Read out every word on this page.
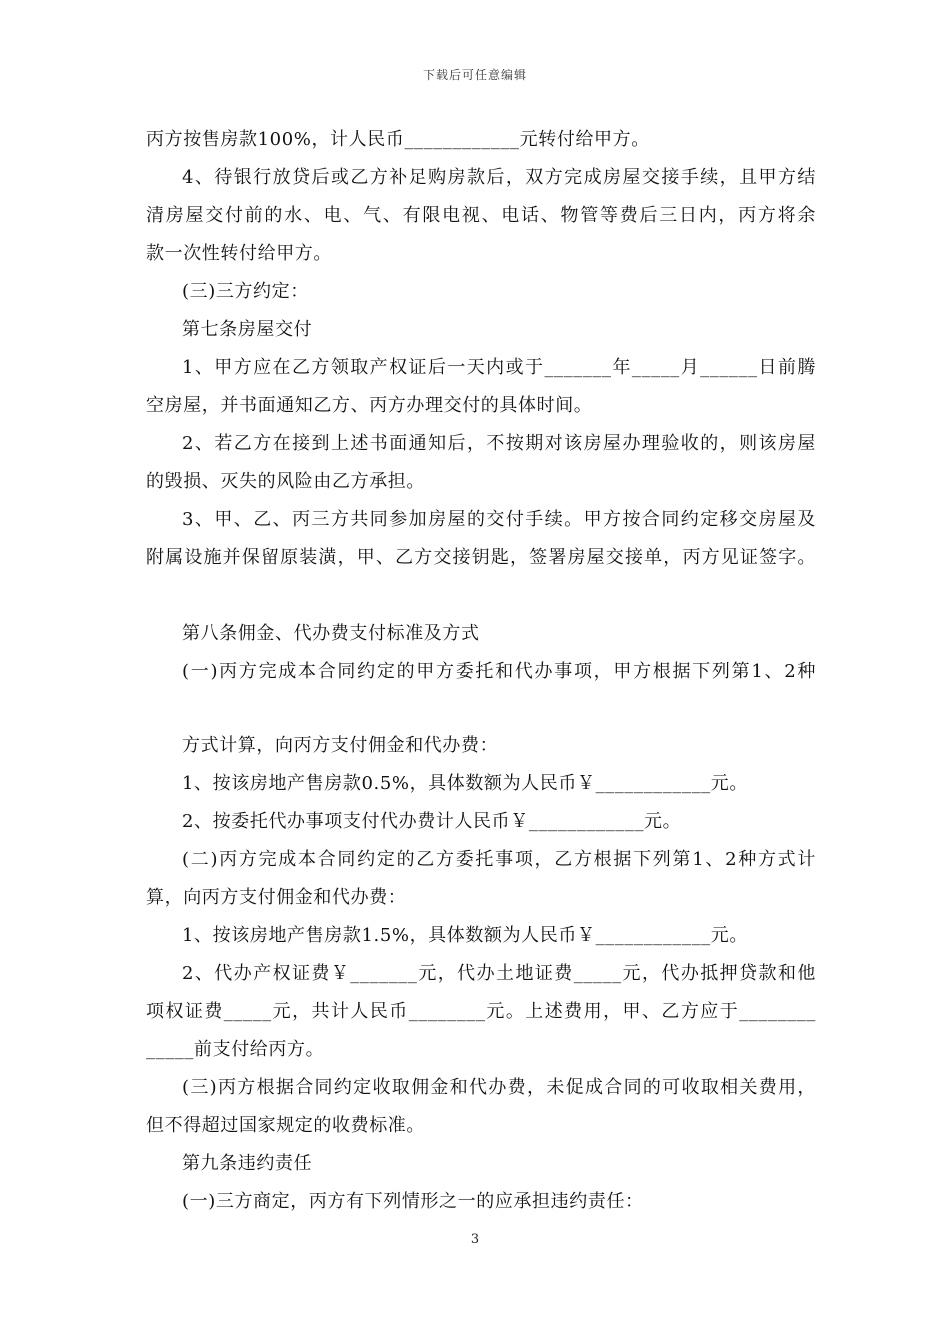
下载后可任意编辑
丙方按售房款100%，计人民币____________元转付给甲方。
4、待银行放贷后或乙方补足购房款后，双方完成房屋交接手续，且甲方结
清房屋交付前的水、电、气、有限电视、电话、物管等费后三日内，丙方将余
款一次性转付给甲方。
(三)三方约定：
第七条房屋交付
1、甲方应在乙方领取产权证后一天内或于_______年_____月______日前腾
空房屋，并书面通知乙方、丙方办理交付的具体时间。
2、若乙方在接到上述书面通知后，不按期对该房屋办理验收的，则该房屋
的毁损、灭失的风险由乙方承担。
3、甲、乙、丙三方共同参加房屋的交付手续。甲方按合同约定移交房屋及
附属设施并保留原装潢，甲、乙方交接钥匙，签署房屋交接单，丙方见证签字。
第八条佣金、代办费支付标准及方式
(一)丙方完成本合同约定的甲方委托和代办事项，甲方根据下列第1、2种
方式计算，向丙方支付佣金和代办费：
1、按该房地产售房款0.5%，具体数额为人民币￥____________元。
2、按委托代办事项支付代办费计人民币￥____________元。
(二)丙方完成本合同约定的乙方委托事项，乙方根据下列第1、2种方式计
算，向丙方支付佣金和代办费：
1、按该房地产售房款1.5%，具体数额为人民币￥____________元。
2、代办产权证费￥_______元，代办土地证费_____元，代办抵押贷款和他
项权证费_____元，共计人民币________元。上述费用，甲、乙方应于________
_____前支付给丙方。
(三)丙方根据合同约定收取佣金和代办费，未促成合同的可收取相关费用，
但不得超过国家规定的收费标准。
第九条违约责任
(一)三方商定，丙方有下列情形之一的应承担违约责任：
3
